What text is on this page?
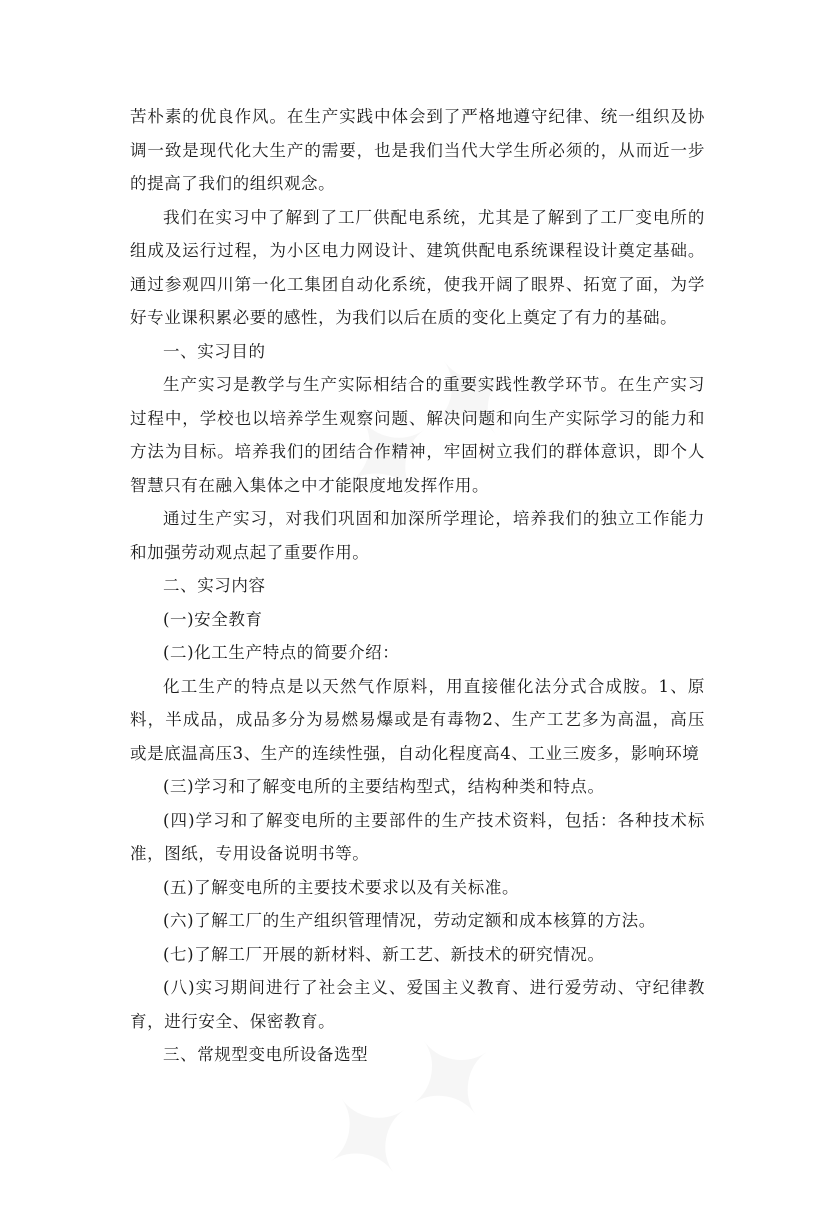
苦朴素的优良作风。在生产实践中体会到了严格地遵守纪律、统一组织及协调一致是现代化大生产的需要，也是我们当代大学生所必须的，从而近一步的提高了我们的组织观念。

我们在实习中了解到了工厂供配电系统，尤其是了解到了工厂变电所的组成及运行过程，为小区电力网设计、建筑供配电系统课程设计奠定基础。通过参观四川第一化工集团自动化系统，使我开阔了眼界、拓宽了面，为学好专业课积累必要的感性，为我们以后在质的变化上奠定了有力的基础。

一、实习目的

生产实习是教学与生产实际相结合的重要实践性教学环节。在生产实习过程中，学校也以培养学生观察问题、解决问题和向生产实际学习的能力和方法为目标。培养我们的团结合作精神，牢固树立我们的群体意识，即个人智慧只有在融入集体之中才能限度地发挥作用。

通过生产实习，对我们巩固和加深所学理论，培养我们的独立工作能力和加强劳动观点起了重要作用。

二、实习内容

(一)安全教育

(二)化工生产特点的简要介绍：

化工生产的特点是以天然气作原料，用直接催化法分式合成胺。1、原料，半成品，成品多分为易燃易爆或是有毒物2、生产工艺多为高温，高压或是底温高压3、生产的连续性强，自动化程度高4、工业三废多，影响环境

(三)学习和了解变电所的主要结构型式，结构种类和特点。

(四)学习和了解变电所的主要部件的生产技术资料，包括：各种技术标准，图纸，专用设备说明书等。

(五)了解变电所的主要技术要求以及有关标准。

(六)了解工厂的生产组织管理情况，劳动定额和成本核算的方法。

(七)了解工厂开展的新材料、新工艺、新技术的研究情况。

(八)实习期间进行了社会主义、爱国主义教育、进行爱劳动、守纪律教育，进行安全、保密教育。

三、常规型变电所设备选型
